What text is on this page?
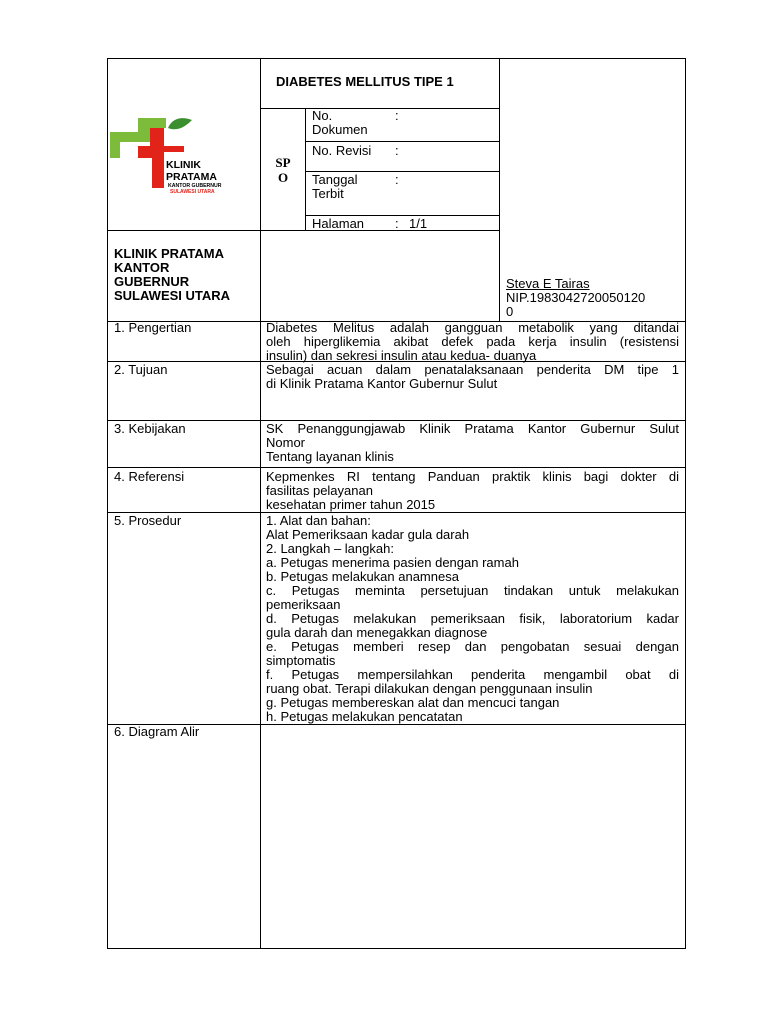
KLINIK
PRATAMA
KANTOR GUBERNUR
SULAWESI UTARA
DIABETES MELLITUS TIPE 1
SP O
No.
Dokumen
:
No. Revisi :
Tanggal
Terbit
:
Halaman : 1/1
KLINIK PRATAMA
KANTOR
GUBERNUR
SULAWESI UTARA
Steva E Tairas
NIP.1983042720050120
0
1. Pengertian
2. Tujuan
3. Kebijakan
4. Referensi
5. Prosedur
6. Diagram Alir
Diabetes Melitus adalah gangguan metabolik yang ditandai
oleh hiperglikemia akibat defek pada kerja insulin (resistensi
insulin) dan sekresi insulin atau kedua- duanya
Sebagai acuan dalam penatalaksanaan penderita DM tipe 1
di Klinik Pratama Kantor Gubernur Sulut
SK Penanggungjawab Klinik Pratama Kantor Gubernur Sulut
Nomor
Tentang layanan klinis
Kepmenkes RI tentang Panduan praktik klinis bagi dokter di
fasilitas pelayanan
kesehatan primer tahun 2015
1. Alat dan bahan:
Alat Pemeriksaan kadar gula darah
2. Langkah – langkah:
a. Petugas menerima pasien dengan ramah
b. Petugas melakukan anamnesa
c. Petugas meminta persetujuan tindakan untuk melakukan
pemeriksaan
d. Petugas melakukan pemeriksaan fisik, laboratorium kadar
gula darah dan menegakkan diagnose
e. Petugas memberi resep dan pengobatan sesuai dengan
simptomatis
f. Petugas mempersilahkan penderita mengambil obat di
ruang obat. Terapi dilakukan dengan penggunaan insulin
g. Petugas membereskan alat dan mencuci tangan
h. Petugas melakukan pencatatan
